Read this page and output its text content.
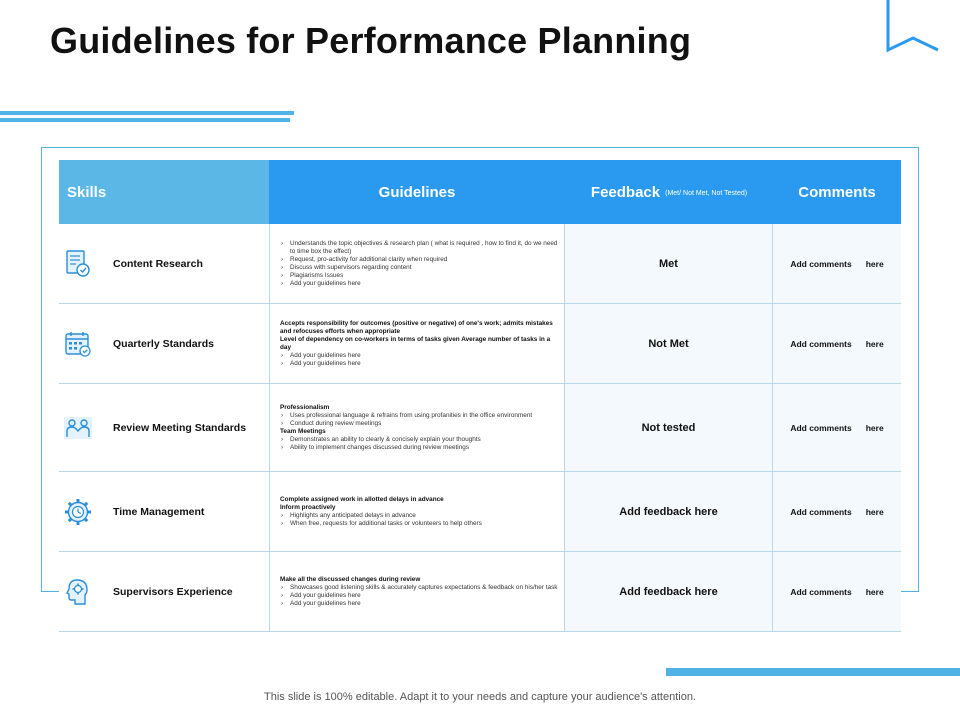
Guidelines for Performance Planning
Skills	Guidelines	Feedback (Met/ Not Met, Not Tested)	Comments
Content Research
› Understands the topic objectives & research plan ( what is required , how to find it, do we need to time box the effect)
› Request, pro-activity for additional clarity when required
› Discuss with supervisors regarding content
› Plagiarisms Issues
› Add your guidelines here
Met	Add comments here
Quarterly Standards
Accepts responsibility for outcomes (positive or negative) of one's work; admits mistakes and refocuses efforts when appropriate
Level of dependency on co-workers in terms of tasks given Average number of tasks in a day
› Add your guidelines here
› Add your guidelines here
Not Met	Add comments here
Review Meeting Standards
Professionalism
› Uses professional language & refrains from using profanities in the office environment
› Conduct during review meetings
Team Meetings
› Demonstrates an ability to clearly & concisely explain your thoughts
› Ability to implement changes discussed during review meetings
Not tested	Add comments here
Time Management
Complete assigned work in allotted delays in advance
Inform proactively
› Highlights any anticipated delays in advance
› When free, requests for additional tasks or volunteers to help others
Add feedback here	Add comments here
Supervisors Experience
Make all the discussed changes during review
› Showcases good listening skills & accurately captures expectations & feedback on his/her task
› Add your guidelines here
› Add your guidelines here
Add feedback here	Add comments here
This slide is 100% editable. Adapt it to your needs and capture your audience's attention.
